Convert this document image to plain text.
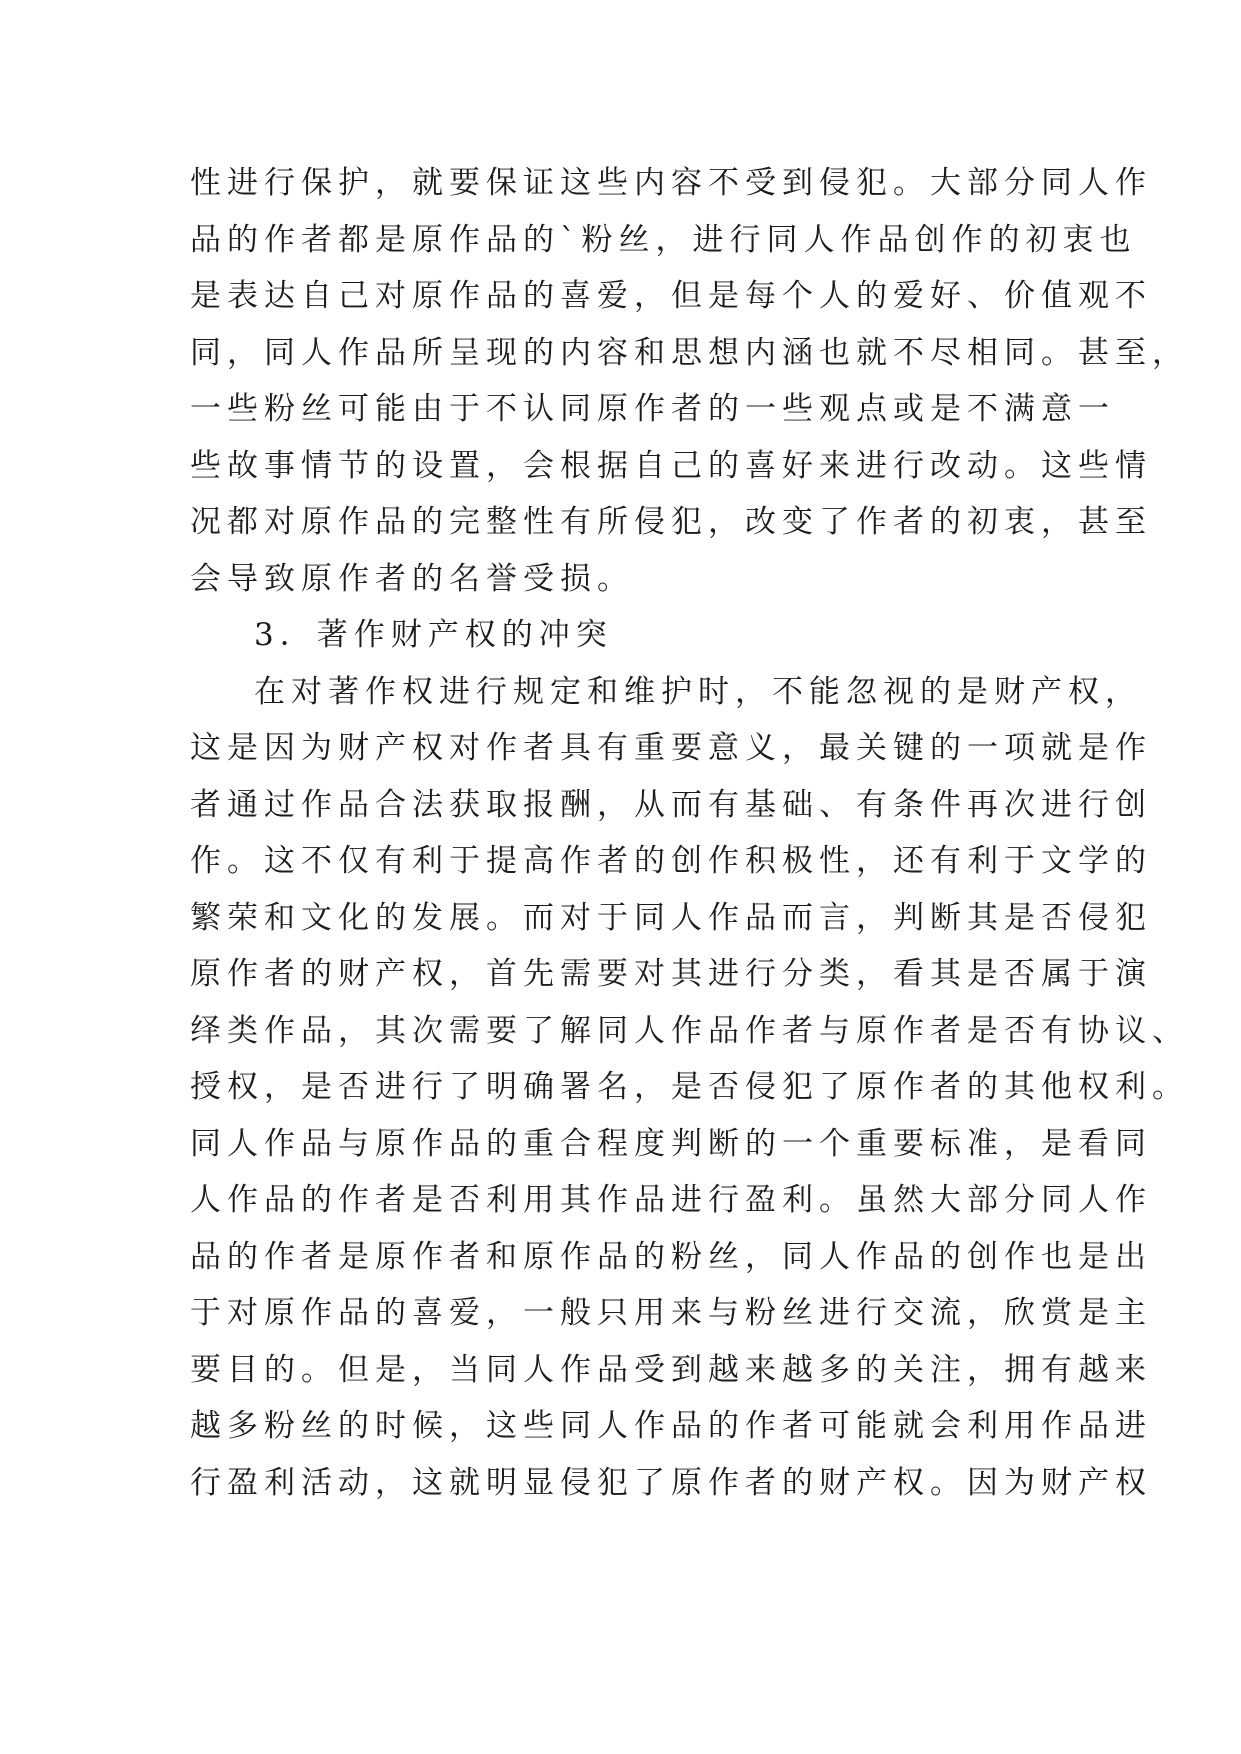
性进行保护，就要保证这些内容不受到侵犯。大部分同人作
品的作者都是原作品的`粉丝，进行同人作品创作的初衷也
是表达自己对原作品的喜爱，但是每个人的爱好、价值观不
同，同人作品所呈现的内容和思想内涵也就不尽相同。甚至，
一些粉丝可能由于不认同原作者的一些观点或是不满意一
些故事情节的设置，会根据自己的喜好来进行改动。这些情
况都对原作品的完整性有所侵犯，改变了作者的初衷，甚至
会导致原作者的名誉受损。
3．著作财产权的冲突
在对著作权进行规定和维护时，不能忽视的是财产权，
这是因为财产权对作者具有重要意义，最关键的一项就是作
者通过作品合法获取报酬，从而有基础、有条件再次进行创
作。这不仅有利于提高作者的创作积极性，还有利于文学的
繁荣和文化的发展。而对于同人作品而言，判断其是否侵犯
原作者的财产权，首先需要对其进行分类，看其是否属于演
绎类作品，其次需要了解同人作品作者与原作者是否有协议、
授权，是否进行了明确署名，是否侵犯了原作者的其他权利。
同人作品与原作品的重合程度判断的一个重要标准，是看同
人作品的作者是否利用其作品进行盈利。虽然大部分同人作
品的作者是原作者和原作品的粉丝，同人作品的创作也是出
于对原作品的喜爱，一般只用来与粉丝进行交流，欣赏是主
要目的。但是，当同人作品受到越来越多的关注，拥有越来
越多粉丝的时候，这些同人作品的作者可能就会利用作品进
行盈利活动，这就明显侵犯了原作者的财产权。因为财产权
